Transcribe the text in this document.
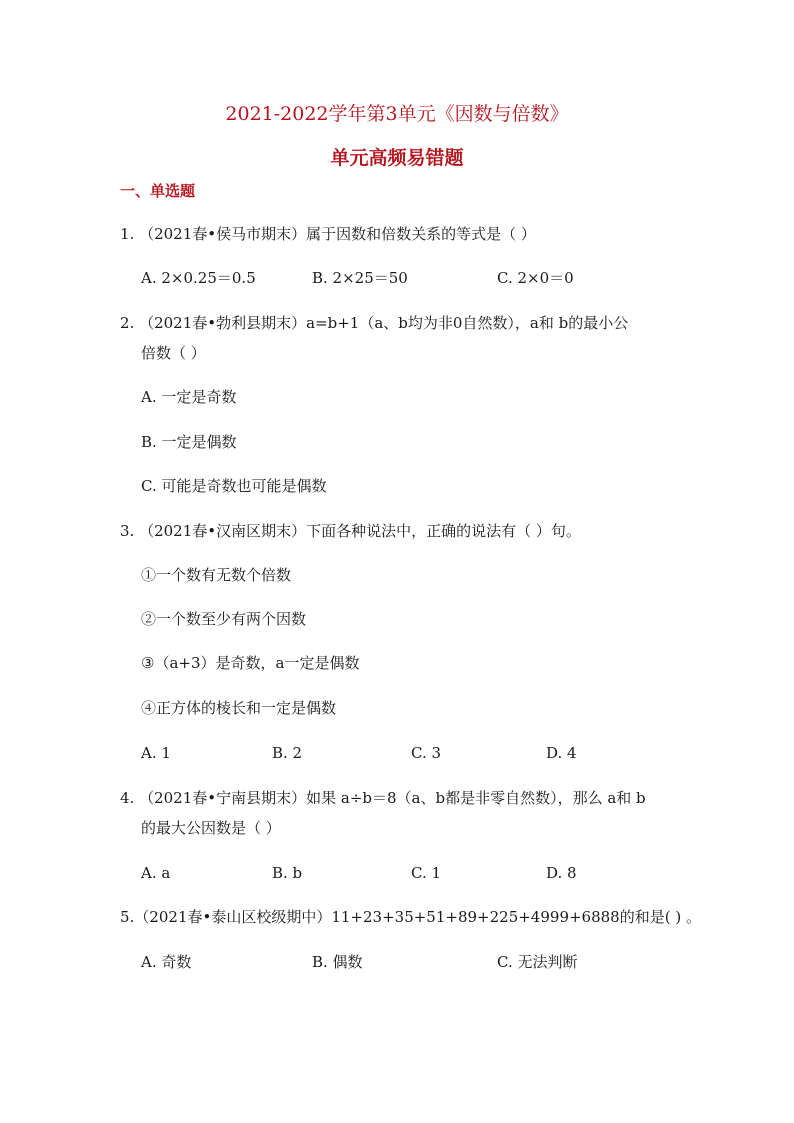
2021-2022学年第3单元《因数与倍数》
单元高频易错题
一、单选题
1. （2021春•侯马市期末）属于因数和倍数关系的等式是（ ）
A. 2×0.25＝0.5	B. 2×25＝50	C. 2×0＝0
2. （2021春•勃利县期末）a=b+1（a、b均为非0自然数），a和 b的最小公
倍数（ ）
A. 一定是奇数
B. 一定是偶数
C. 可能是奇数也可能是偶数
3. （2021春•汉南区期末）下面各种说法中，正确的说法有（ ）句。
①一个数有无数个倍数
②一个数至少有两个因数
③（a+3）是奇数，a一定是偶数
④正方体的棱长和一定是偶数
A. 1	B. 2	C. 3	D. 4
4. （2021春•宁南县期末）如果 a÷b＝8（a、b都是非零自然数），那么 a和 b
的最大公因数是（ ）
A. a	B. b	C. 1	D. 8
5.（2021春•泰山区校级期中）11+23+35+51+89+225+4999+6888的和是( ) 。
A. 奇数	B. 偶数	C. 无法判断
